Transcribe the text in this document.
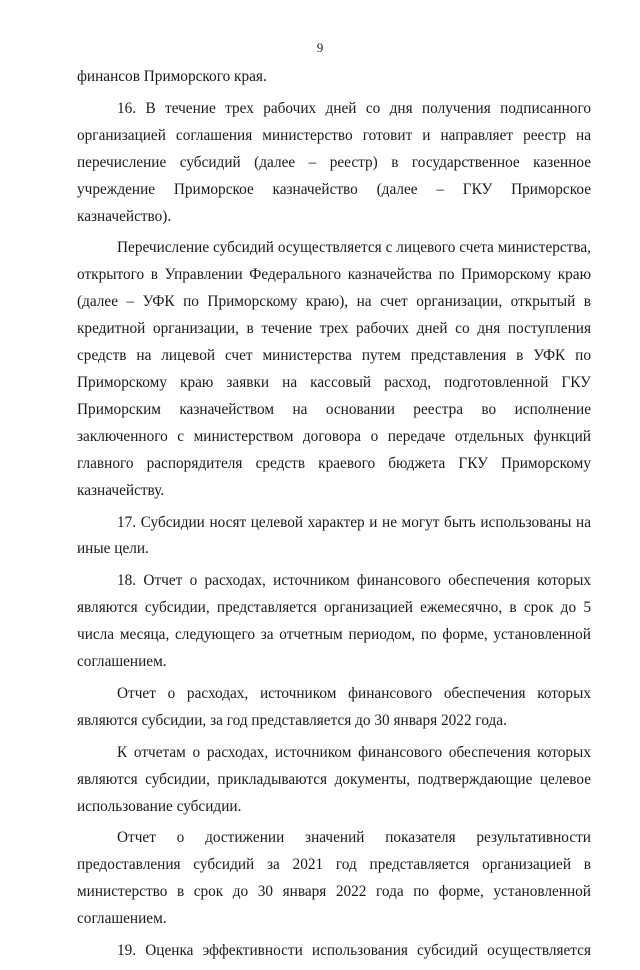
9

финансов Приморского края.

16. В течение трех рабочих дней со дня получения подписанного организацией соглашения министерство готовит и направляет реестр на перечисление субсидий (далее – реестр) в государственное казенное учреждение Приморское казначейство (далее – ГКУ Приморское казначейство).

Перечисление субсидий осуществляется с лицевого счета министерства, открытого в Управлении Федерального казначейства по Приморскому краю (далее – УФК по Приморскому краю), на счет организации, открытый в кредитной организации, в течение трех рабочих дней со дня поступления средств на лицевой счет министерства путем представления в УФК по Приморскому краю заявки на кассовый расход, подготовленной ГКУ Приморским казначейством на основании реестра во исполнение заключенного с министерством договора о передаче отдельных функций главного распорядителя средств краевого бюджета ГКУ Приморскому казначейству.

17. Субсидии носят целевой характер и не могут быть использованы на иные цели.

18. Отчет о расходах, источником финансового обеспечения которых являются субсидии, представляется организацией ежемесячно, в срок до 5 числа месяца, следующего за отчетным периодом, по форме, установленной соглашением.

Отчет о расходах, источником финансового обеспечения которых являются субсидии, за год представляется до 30 января 2022 года.

К отчетам о расходах, источником финансового обеспечения которых являются субсидии, прикладываются документы, подтверждающие целевое использование субсидии.

Отчет о достижении значений показателя результативности предоставления субсидий за 2021 год представляется организацией в министерство в срок до 30 января 2022 года по форме, установленной соглашением.

19. Оценка эффективности использования субсидий осуществляется
